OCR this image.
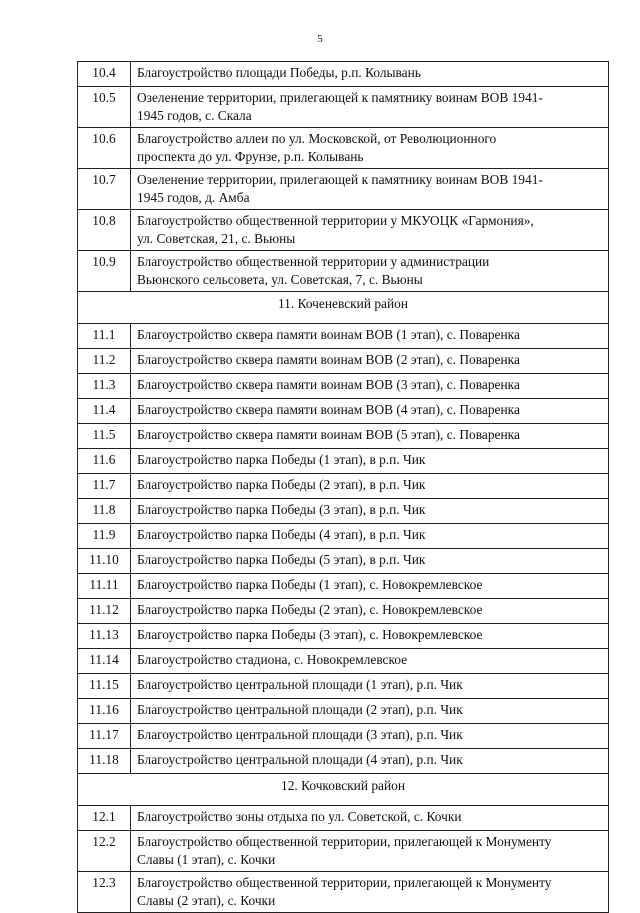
5
10.4	Благоустройство площади Победы, р.п. Колывань

10.5	Озеленение территории, прилегающей к памятнику воинам ВОВ 1941-
1945 годов, с. Скала

10.6	Благоустройство аллеи по ул. Московской, от Революционного
проспекта до ул. Фрунзе, р.п. Колывань

10.7	Озеленение территории, прилегающей к памятнику воинам ВОВ 1941-
1945 годов, д. Амба

10.8	Благоустройство общественной территории у МКУОЦК «Гармония»,
ул. Советская, 21, с. Вьюны

10.9	Благоустройство общественной территории у администрации
Вьюнского сельсовета, ул. Советская, 7, с. Вьюны

11. Коченевский район	
11.1	Благоустройство сквера памяти воинам ВОВ (1 этап), с. Поваренка

11.2	Благоустройство сквера памяти воинам ВОВ (2 этап), с. Поваренка

11.3	Благоустройство сквера памяти воинам ВОВ (3 этап), с. Поваренка

11.4	Благоустройство сквера памяти воинам ВОВ (4 этап), с. Поваренка

11.5	Благоустройство сквера памяти воинам ВОВ (5 этап), с. Поваренка

11.6	Благоустройство парка Победы (1 этап), в р.п. Чик

11.7	Благоустройство парка Победы (2 этап), в р.п. Чик

11.8	Благоустройство парка Победы (3 этап), в р.п. Чик

11.9	Благоустройство парка Победы (4 этап), в р.п. Чик

11.10	Благоустройство парка Победы (5 этап), в р.п. Чик

11.11	Благоустройство парка Победы (1 этап), с. Новокремлевское

11.12	Благоустройство парка Победы (2 этап), с. Новокремлевское

11.13	Благоустройство парка Победы (3 этап), с. Новокремлевское

11.14	Благоустройство стадиона, с. Новокремлевское

11.15	Благоустройство центральной площади (1 этап), р.п. Чик

11.16	Благоустройство центральной площади (2 этап), р.п. Чик

11.17	Благоустройство центральной площади (3 этап), р.п. Чик

11.18	Благоустройство центральной площади (4 этап), р.п. Чик

12. Кочковский район	
12.1	Благоустройство зоны отдыха по ул. Советской, с. Кочки

12.2	Благоустройство общественной территории, прилегающей к Монументу
Славы (1 этап), с. Кочки

12.3	Благоустройство общественной территории, прилегающей к Монументу
Славы (2 этап), с. Кочки
